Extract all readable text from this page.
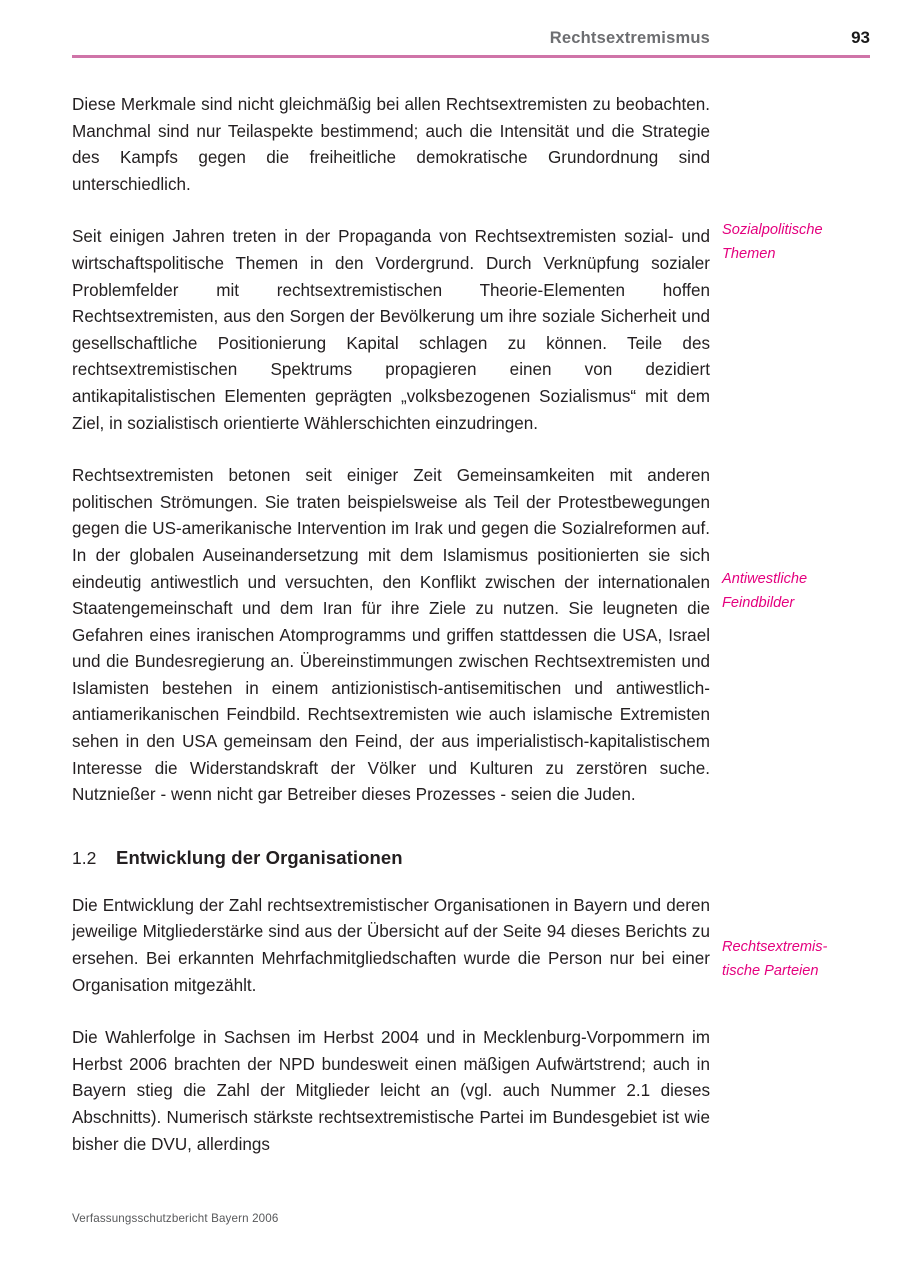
Rechtsextremismus	93

Diese Merkmale sind nicht gleichmäßig bei allen Rechtsextremisten zu beobachten. Manchmal sind nur Teilaspekte bestimmend; auch die Intensität und die Strategie des Kampfs gegen die freiheitliche demokratische Grundordnung sind unterschiedlich.

Seit einigen Jahren treten in der Propaganda von Rechtsextremisten sozial- und wirtschaftspolitische Themen in den Vordergrund. Durch Verknüpfung sozialer Problemfelder mit rechtsextremistischen Theorie-Elementen hoffen Rechtsextremisten, aus den Sorgen der Bevölkerung um ihre soziale Sicherheit und gesellschaftliche Positionierung Kapital schlagen zu können. Teile des rechtsextremistischen Spektrums propagieren einen von dezidiert antikapitalistischen Elementen geprägten „volksbezogenen Sozialismus“ mit dem Ziel, in sozialistisch orientierte Wählerschichten einzudringen.

Rechtsextremisten betonen seit einiger Zeit Gemeinsamkeiten mit anderen politischen Strömungen. Sie traten beispielsweise als Teil der Protestbewegungen gegen die US-amerikanische Intervention im Irak und gegen die Sozialreformen auf. In der globalen Auseinandersetzung mit dem Islamismus positionierten sie sich eindeutig antiwestlich und versuchten, den Konflikt zwischen der internationalen Staatengemeinschaft und dem Iran für ihre Ziele zu nutzen. Sie leugneten die Gefahren eines iranischen Atomprogramms und griffen stattdessen die USA, Israel und die Bundesregierung an. Übereinstimmungen zwischen Rechtsextremisten und Islamisten bestehen in einem antizionistisch-antisemitischen und antiwestlich-antiamerikanischen Feindbild. Rechtsextremisten wie auch islamische Extremisten sehen in den USA gemeinsam den Feind, der aus imperialistisch-kapitalistischem Interesse die Widerstandskraft der Völker und Kulturen zu zerstören suche. Nutznießer - wenn nicht gar Betreiber dieses Prozesses - seien die Juden.

1.2	Entwicklung der Organisationen

Die Entwicklung der Zahl rechtsextremistischer Organisationen in Bayern und deren jeweilige Mitgliederstärke sind aus der Übersicht auf der Seite 94 dieses Berichts zu ersehen. Bei erkannten Mehrfachmitgliedschaften wurde die Person nur bei einer Organisation mitgezählt.

Die Wahlerfolge in Sachsen im Herbst 2004 und in Mecklenburg-Vorpommern im Herbst 2006 brachten der NPD bundesweit einen mäßigen Aufwärtstrend; auch in Bayern stieg die Zahl der Mitglieder leicht an (vgl. auch Nummer 2.1 dieses Abschnitts). Numerisch stärkste rechtsextremistische Partei im Bundesgebiet ist wie bisher die DVU, allerdings

Sozialpolitische
Themen
Antiwestliche
Feindbilder
Rechtsextremis-
tische Parteien
Verfassungsschutzbericht Bayern 2006
